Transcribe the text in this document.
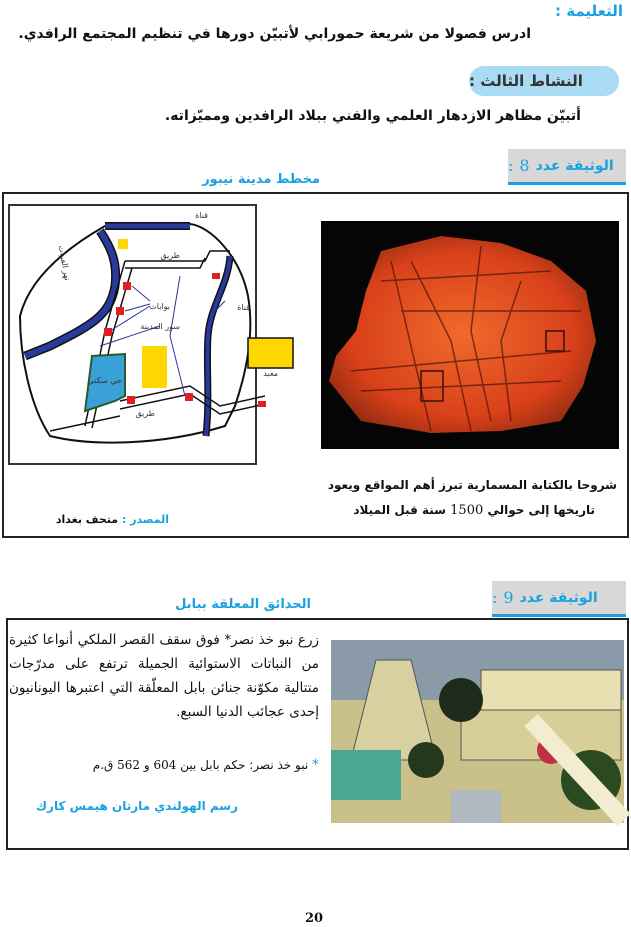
التعليمة :
ادرس فصولا من شريعة حمورابي لأتبيّن دورها في تنظيم المجتمع الرافدي.
النشاط الثالث :
أتبيّن مظاهر الازدهار العلمي والفني ببلاد الرافدين ومميّزاته.
الوثيقة عدد
8
:
مخطط مدينة نيبور
قناة
طريق
بوابات
سور المدينة
قناة
معبد
حي سكني
طريق
نهر الفرات
شروحا بالكتابة المسمارية تبرز أهم المواقع ويعود
تاريخها إلى حوالي 1500 سنة قبل الميلاد
المصدر : متحف بغداد
الوثيقة عدد
9
:
الحدائق المعلقة ببابل
زرع نبو خذ نصر* فوق سقف القصر الملكي أنواعا كثيرة من النباتات الاستوائية الجميلة ترتفع على مدرّجات متتالية مكوّنة جنائن بابل المعلّقة التي اعتبرها اليونانيون إحدى عجائب الدنيا السبع.
* نبو خذ نصر: حكم بابل بين 604 و 562 ق.م
رسم الهولندي مارتان هيمس كارك
20
